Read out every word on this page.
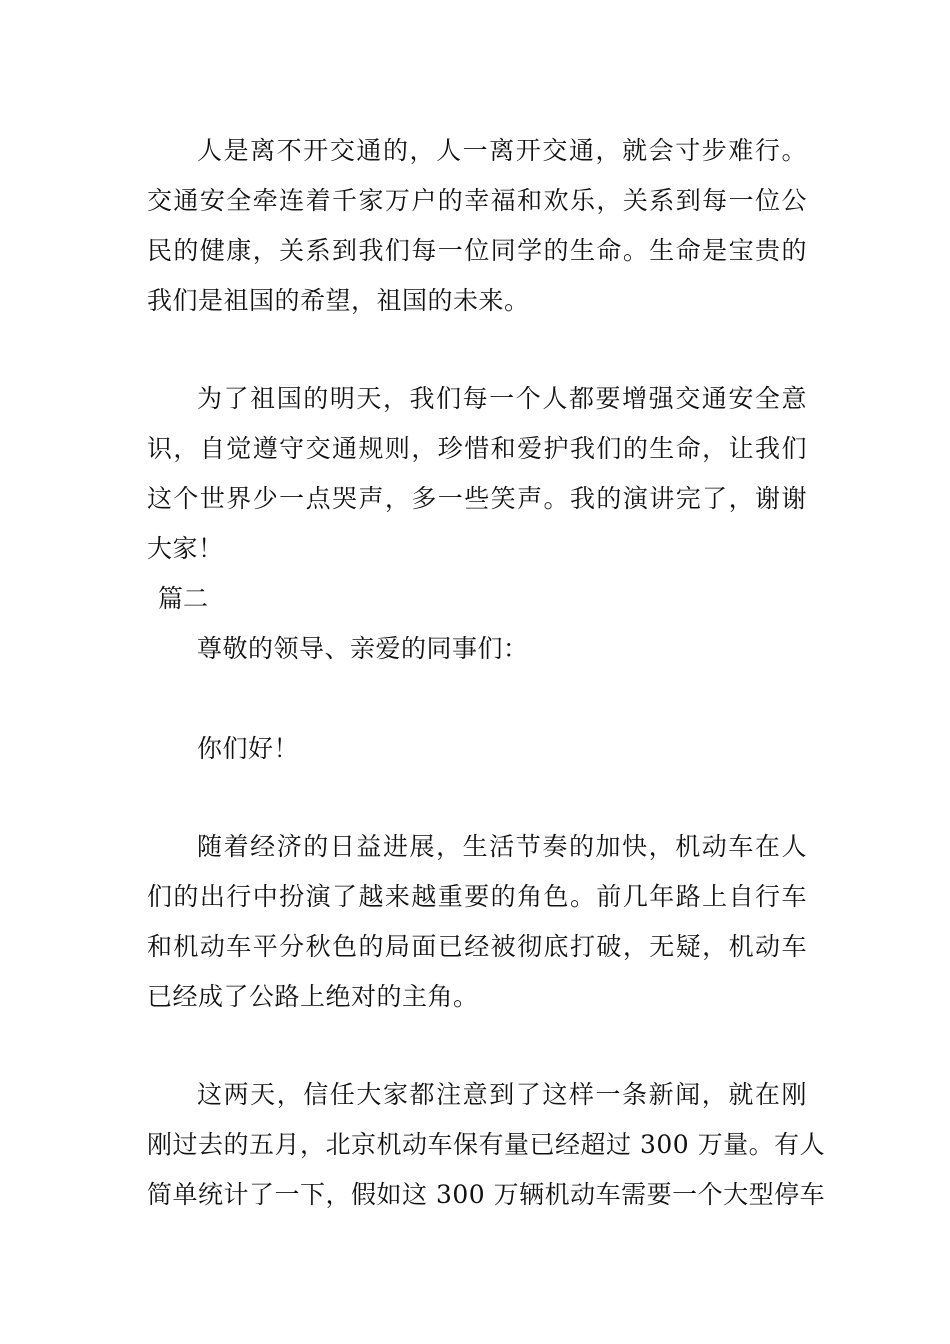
人是离不开交通的，人一离开交通，就会寸步难行。
交通安全牵连着千家万户的幸福和欢乐，关系到每一位公
民的健康，关系到我们每一位同学的生命。生命是宝贵的
我们是祖国的希望，祖国的未来。
为了祖国的明天，我们每一个人都要增强交通安全意
识，自觉遵守交通规则，珍惜和爱护我们的生命，让我们
这个世界少一点哭声，多一些笑声。我的演讲完了，谢谢
大家！
篇二
尊敬的领导、亲爱的同事们：
你们好！
随着经济的日益进展，生活节奏的加快，机动车在人
们的出行中扮演了越来越重要的角色。前几年路上自行车
和机动车平分秋色的局面已经被彻底打破，无疑，机动车
已经成了公路上绝对的主角。
这两天，信任大家都注意到了这样一条新闻，就在刚
刚过去的五月，北京机动车保有量已经超过 300 万量。有人
简单统计了一下，假如这 300 万辆机动车需要一个大型停车
